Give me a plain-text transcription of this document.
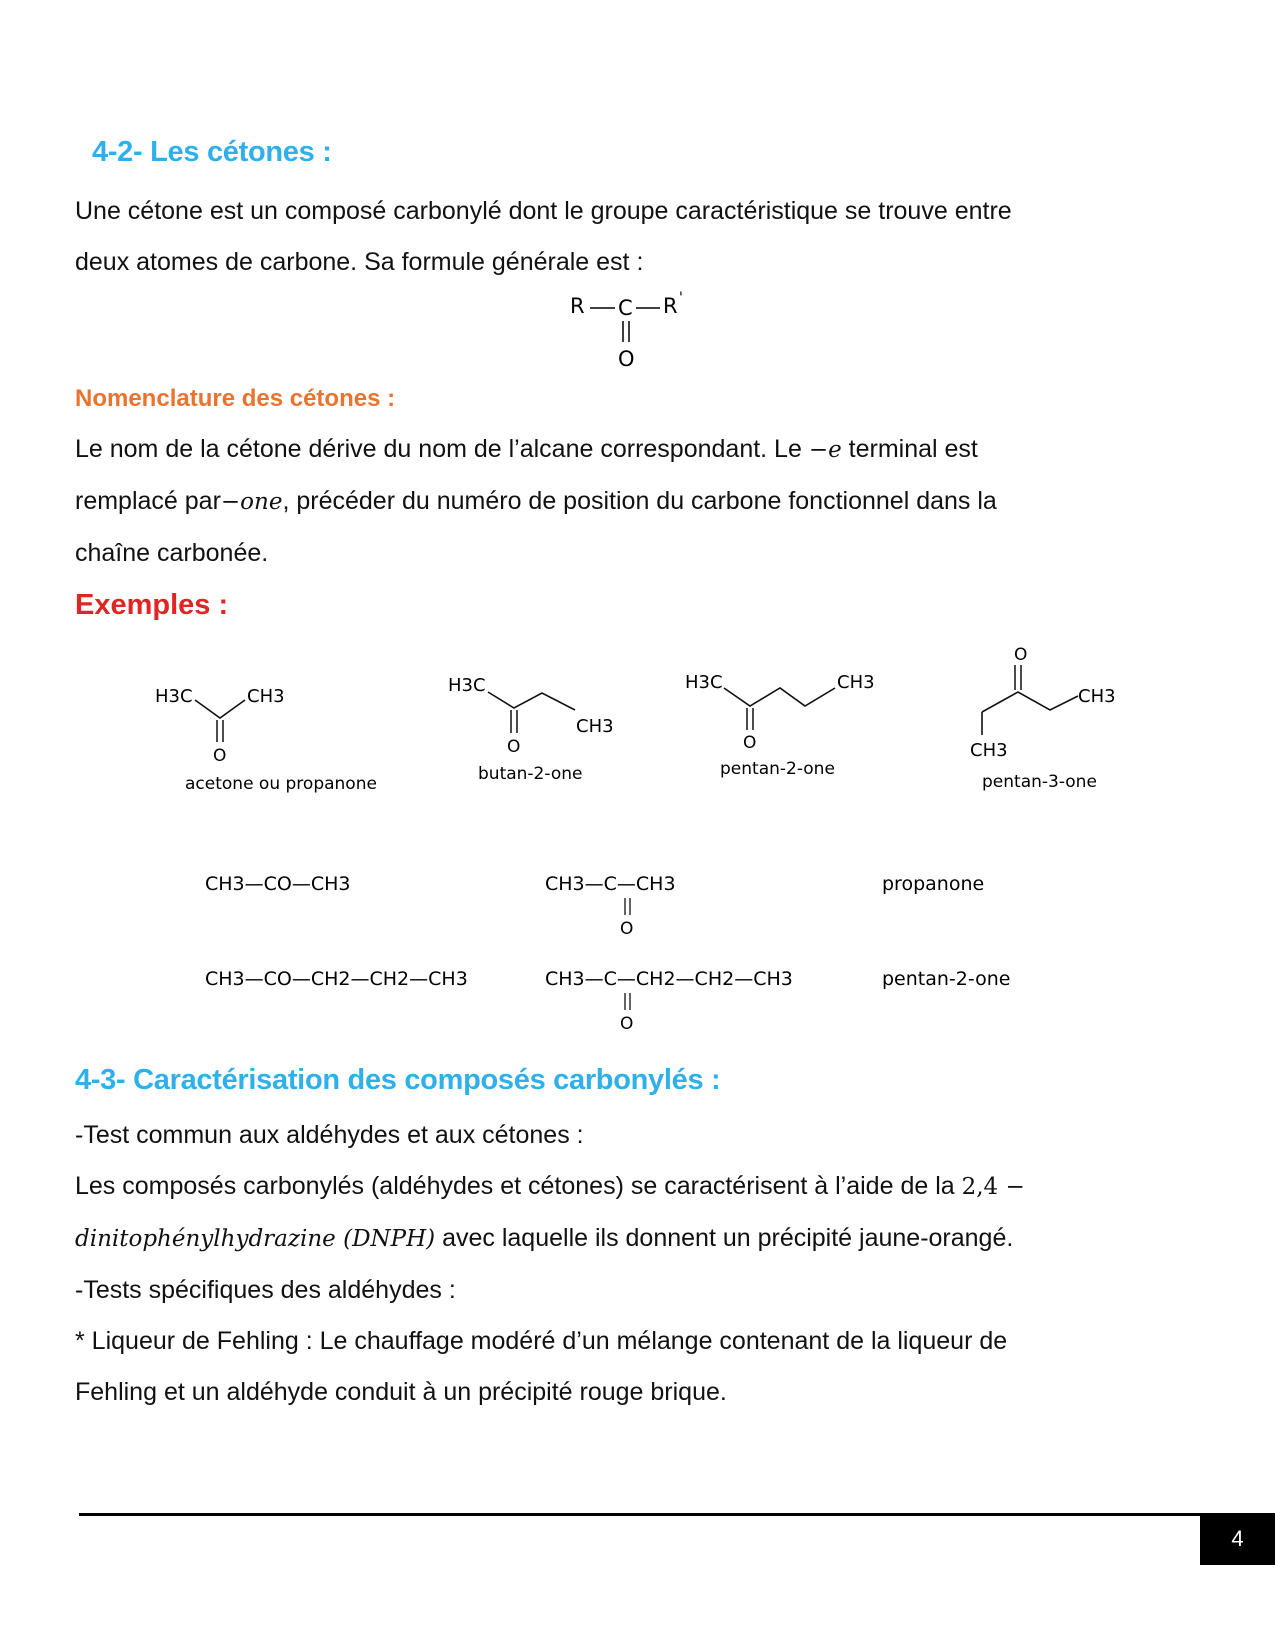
4-2- Les cétones :
Une cétone est un composé carbonylé dont le groupe caractéristique se trouve entre
deux atomes de carbone. Sa formule générale est :
R C R '
O
Nomenclature des cétones :
Le nom de la cétone dérive du nom de l’alcane correspondant. Le −e terminal est
remplacé par−one, précéder du numéro de position du carbone fonctionnel dans la
chaîne carbonée.
Exemples :
H3C	CH3
O
acetone ou propanone
H3C
CH3
O
butan-2-one
H3C	CH3
O
pentan-2-one
O
CH3
CH3
pentan-3-one
CH3—CO—CH3	CH3—C—CH3
O
propanone
CH3—CO—CH2—CH2—CH3	CH3—C—CH2—CH2—CH3
O
pentan-2-one
4-3- Caractérisation des composés carbonylés :
-Test commun aux aldéhydes et aux cétones :
Les composés carbonylés (aldéhydes et cétones) se caractérisent à l’aide de la 2,4 −
dinitophénylhydrazine (DNPH) avec laquelle ils donnent un précipité jaune-orangé.
-Tests spécifiques des aldéhydes :
* Liqueur de Fehling : Le chauffage modéré d’un mélange contenant de la liqueur de
Fehling et un aldéhyde conduit à un précipité rouge brique.
4
